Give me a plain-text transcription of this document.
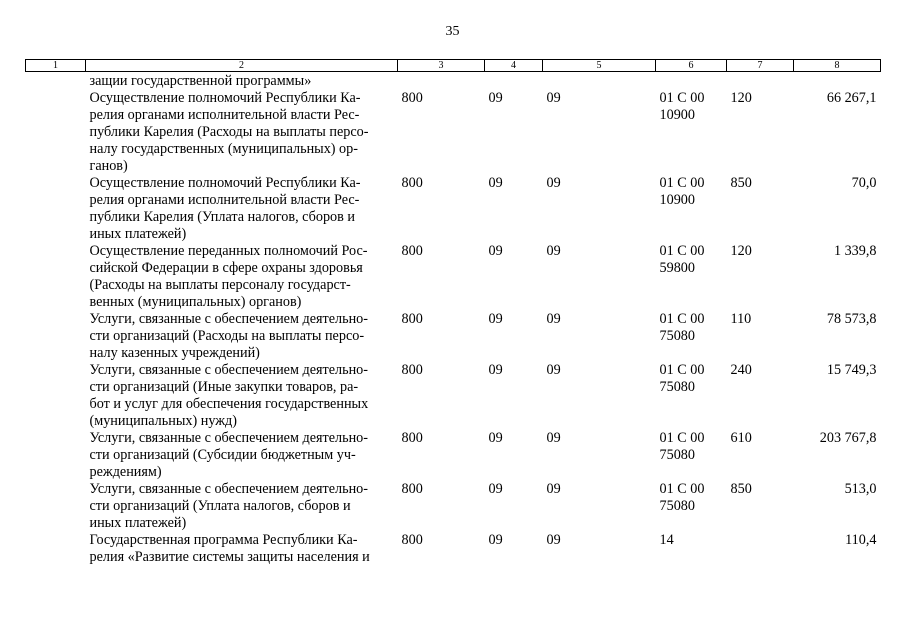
35
1	2	3	4	5	6	7	8
	защии государственной программы»						

	Осуществление полномочий Республики Ка-
релия органами исполнительной власти Рес-
публики Карелия (Расходы на выплаты персо-
налу государственных (муниципальных) ор-
ганов)	800	09	09	01 С 00 10900	120	66 267,1

	Осуществление полномочий Республики Ка-
релия органами исполнительной власти Рес-
публики Карелия (Уплата налогов, сборов и
иных платежей)	800	09	09	01 С 00 10900	850	70,0

	Осуществление переданных полномочий Рос-
сийской Федерации в сфере охраны здоровья
(Расходы на выплаты персоналу государст-
венных (муниципальных) органов)	800	09	09	01 С 00 59800	120	1 339,8

	Услуги, связанные с обеспечением деятельно-
сти организаций (Расходы на выплаты персо-
налу казенных учреждений)	800	09	09	01 С 00 75080	110	78 573,8

	Услуги, связанные с обеспечением деятельно-
сти организаций (Иные закупки товаров, ра-
бот и услуг для обеспечения государственных
(муниципальных) нужд)	800	09	09	01 С 00 75080	240	15 749,3

	Услуги, связанные с обеспечением деятельно-
сти организаций (Субсидии бюджетным уч-
реждениям)	800	09	09	01 С 00 75080	610	203 767,8

	Услуги, связанные с обеспечением деятельно-
сти организаций (Уплата налогов, сборов и
иных платежей)	800	09	09	01 С 00 75080	850	513,0

	Государственная программа Республики Ка-
релия «Развитие системы защиты населения и	800	09	09	14		110,4
